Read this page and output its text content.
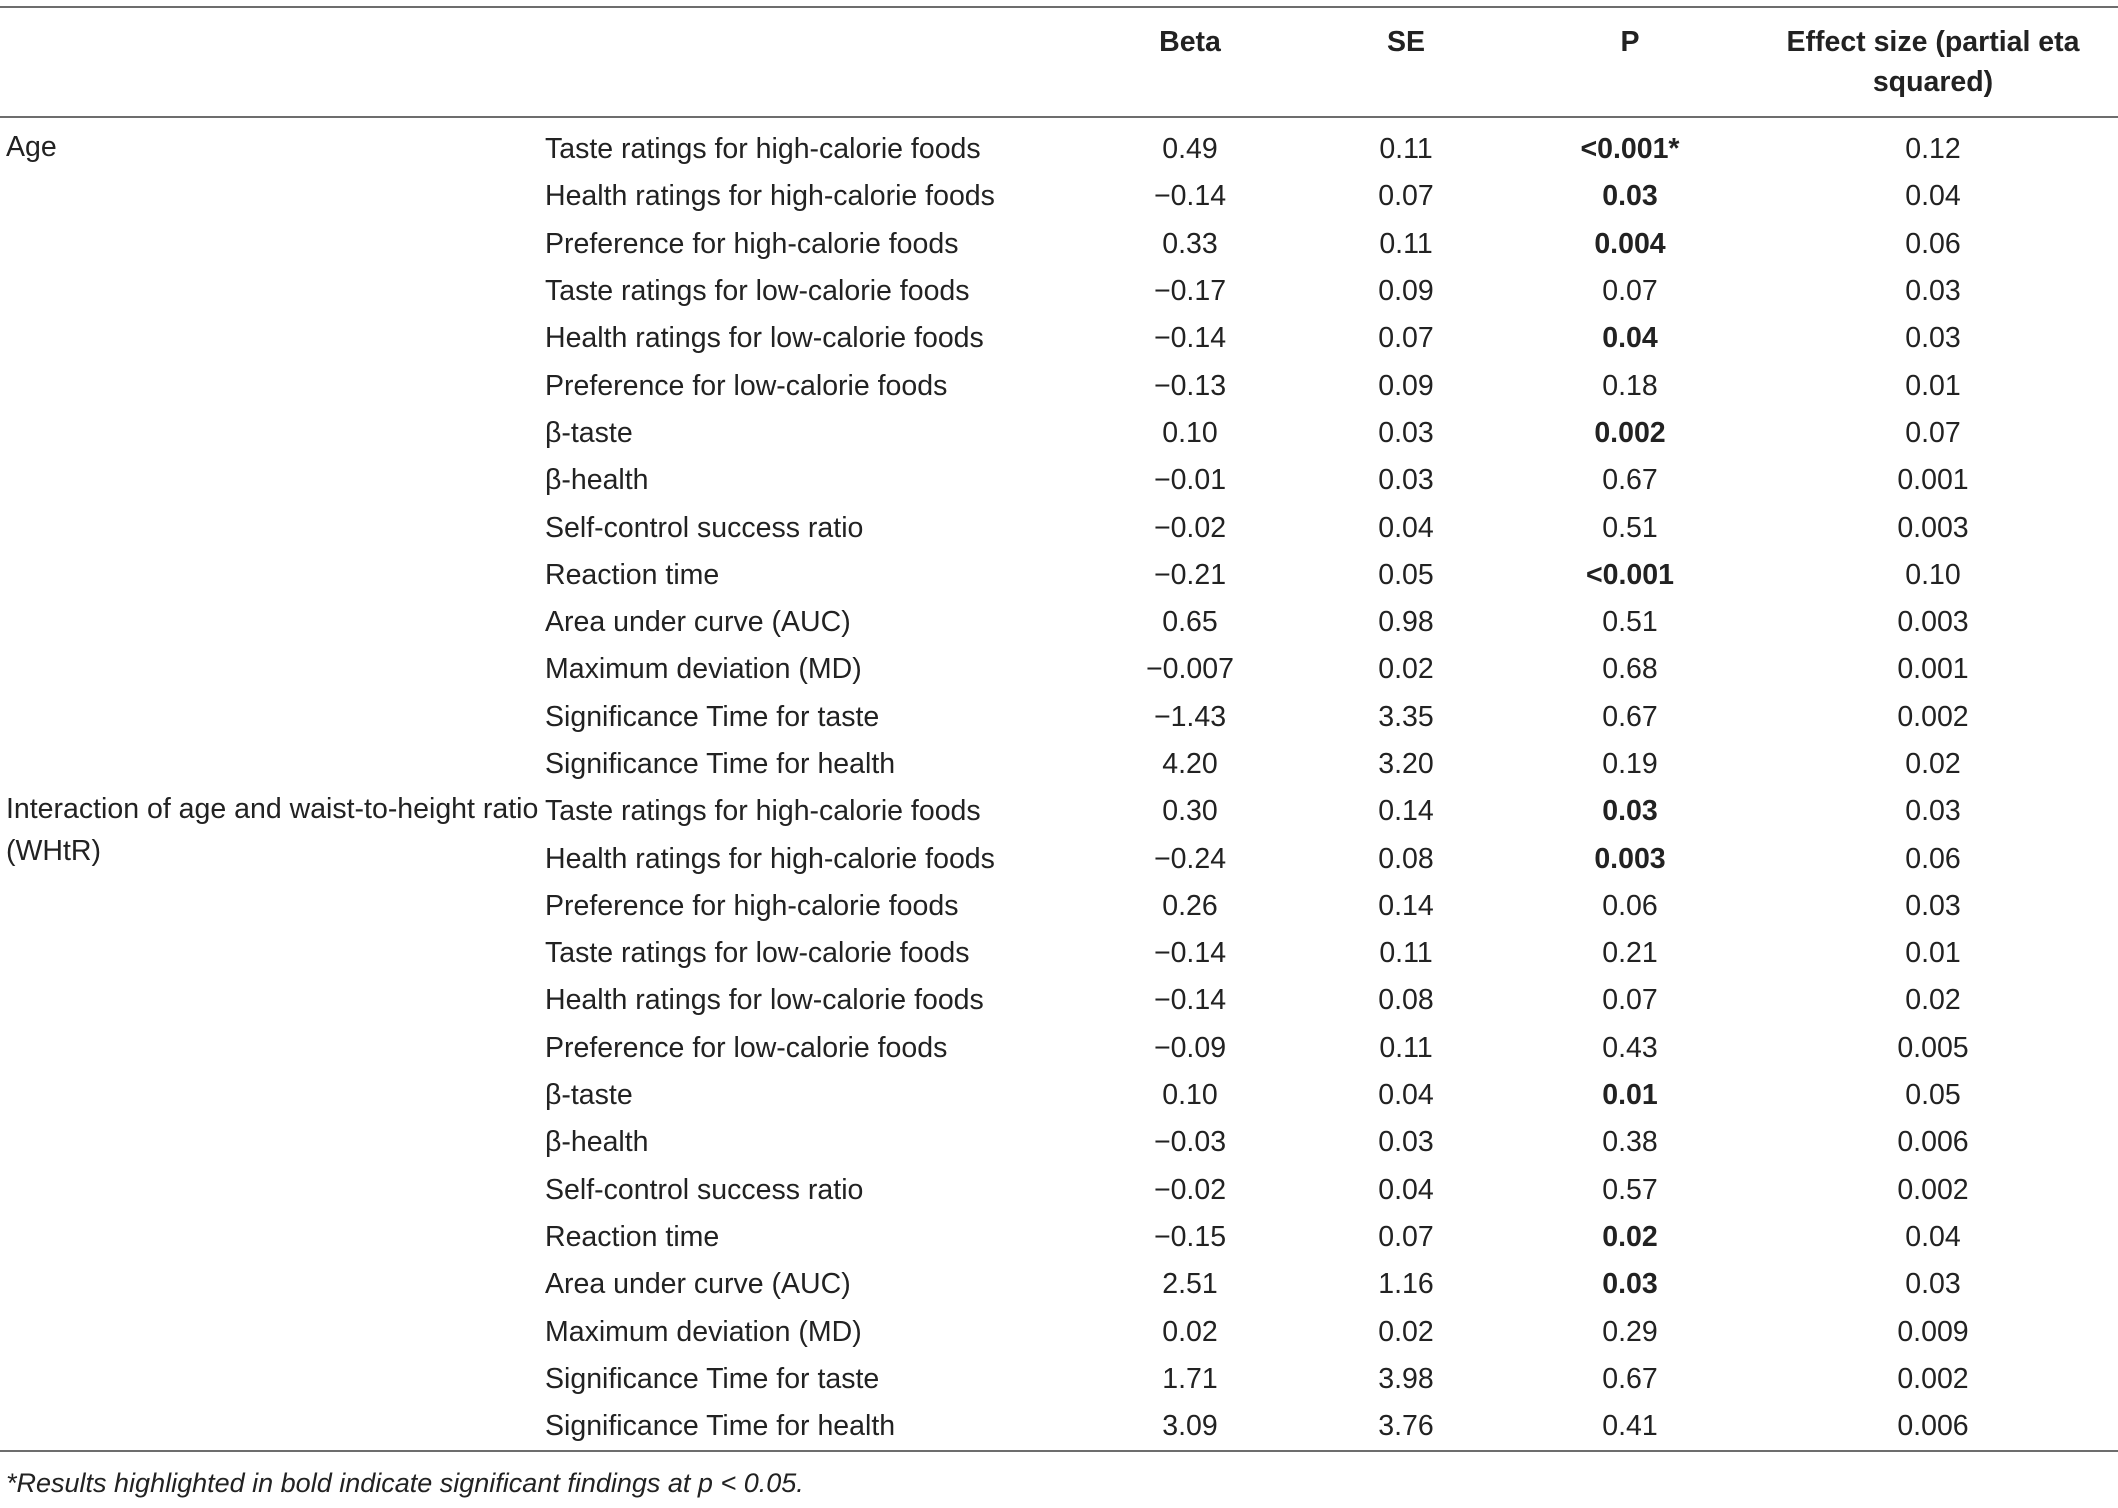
		Beta	SE	P	Effect size (partial eta squared)
Age	Taste ratings for high-calorie foods	0.49	0.11	<0.001*	0.12
	Health ratings for high-calorie foods	−0.14	0.07	0.03	0.04
	Preference for high-calorie foods	0.33	0.11	0.004	0.06
	Taste ratings for low-calorie foods	−0.17	0.09	0.07	0.03
	Health ratings for low-calorie foods	−0.14	0.07	0.04	0.03
	Preference for low-calorie foods	−0.13	0.09	0.18	0.01
	β-taste	0.10	0.03	0.002	0.07
	β-health	−0.01	0.03	0.67	0.001
	Self-control success ratio	−0.02	0.04	0.51	0.003
	Reaction time	−0.21	0.05	<0.001	0.10
	Area under curve (AUC)	0.65	0.98	0.51	0.003
	Maximum deviation (MD)	−0.007	0.02	0.68	0.001
	Significance Time for taste	−1.43	3.35	0.67	0.002
	Significance Time for health	4.20	3.20	0.19	0.02
Interaction of age and waist-to-height ratio (WHtR)	Taste ratings for high-calorie foods	0.30	0.14	0.03	0.03
	Health ratings for high-calorie foods	−0.24	0.08	0.003	0.06
	Preference for high-calorie foods	0.26	0.14	0.06	0.03
	Taste ratings for low-calorie foods	−0.14	0.11	0.21	0.01
	Health ratings for low-calorie foods	−0.14	0.08	0.07	0.02
	Preference for low-calorie foods	−0.09	0.11	0.43	0.005
	β-taste	0.10	0.04	0.01	0.05
	β-health	−0.03	0.03	0.38	0.006
	Self-control success ratio	−0.02	0.04	0.57	0.002
	Reaction time	−0.15	0.07	0.02	0.04
	Area under curve (AUC)	2.51	1.16	0.03	0.03
	Maximum deviation (MD)	0.02	0.02	0.29	0.009
	Significance Time for taste	1.71	3.98	0.67	0.002
	Significance Time for health	3.09	3.76	0.41	0.006
*Results highlighted in bold indicate significant findings at p < 0.05.
